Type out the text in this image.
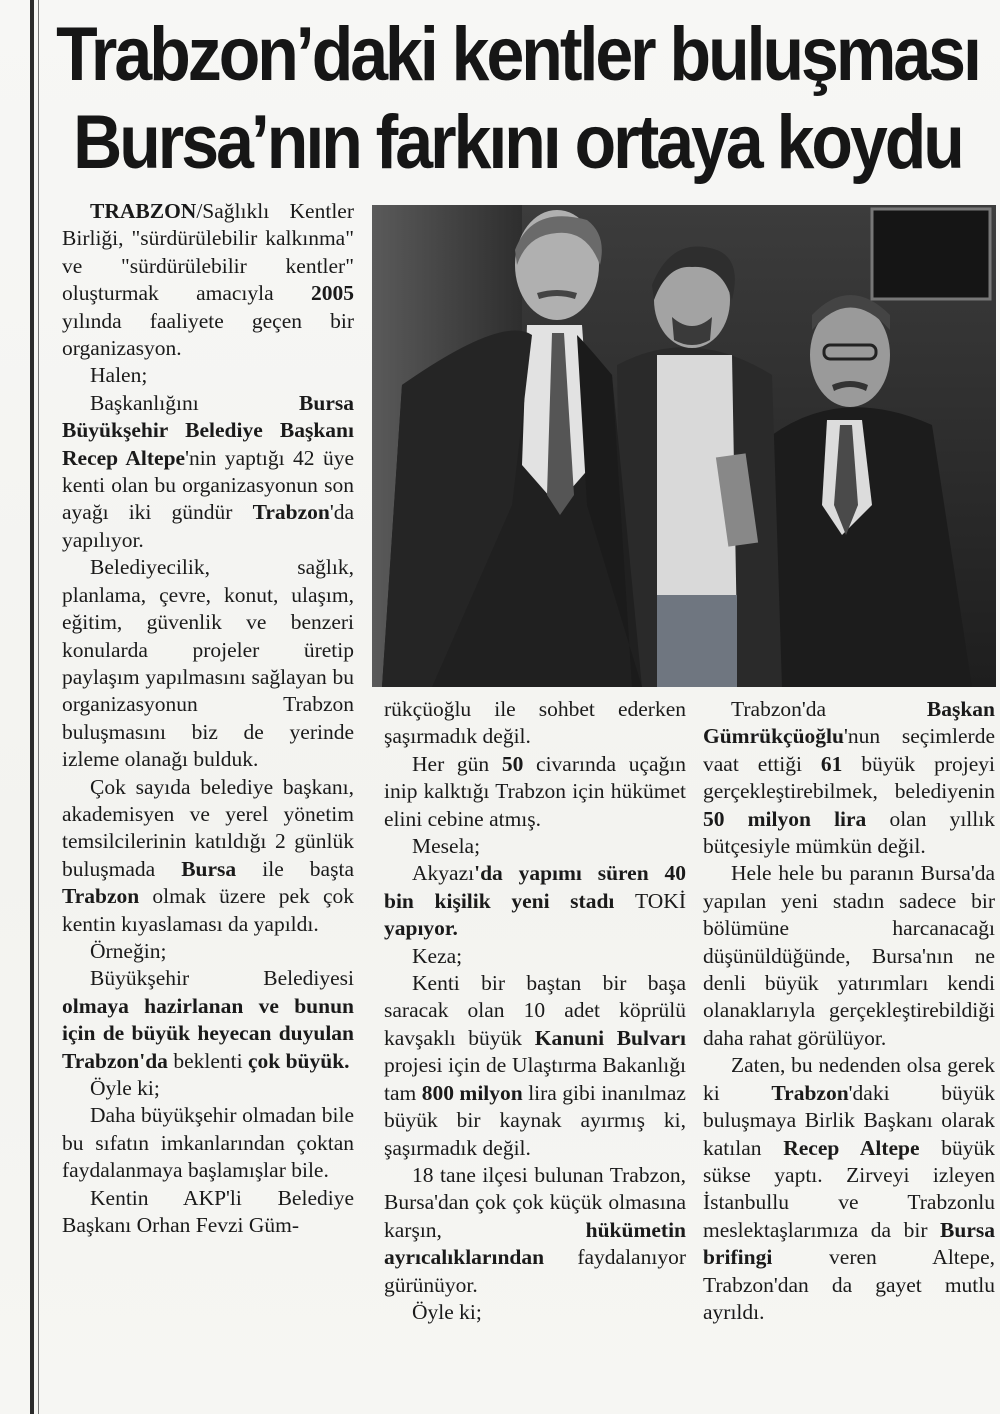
Trabzon’daki kentler buluşması
Bursa’nın farkını ortaya koydu

TRABZON/Sağlıklı Kentler Birliği, "sürdürülebilir kalkınma" ve "sürdürülebilir kentler" oluşturmak amacıyla 2005 yılında faaliyete geçen bir organizasyon.

Halen;

Başkanlığını Bursa Büyükşehir Belediye Başkanı Recep Altepe'nin yaptığı 42 üye kenti olan bu organizasyonun son ayağı iki gündür Trabzon'da yapılıyor.

Belediyecilik, sağlık, planlama, çevre, konut, ulaşım, eğitim, güvenlik ve benzeri konularda projeler üretip paylaşım yapılmasını sağlayan bu organizasyonun Trabzon buluşmasını biz de yerinde izleme olanağı bulduk.

Çok sayıda belediye başkanı, akademisyen ve yerel yönetim temsilcilerinin katıldığı 2 günlük buluşmada Bursa ile başta Trabzon olmak üzere pek çok kentin kıyaslaması da yapıldı.

Örneğin;

Büyükşehir Belediyesi olmaya hazirlanan ve bunun için de büyük heyecan duyulan Trabzon'da beklenti çok büyük.

Öyle ki;

Daha büyükşehir olmadan bile bu sıfatın imkanlarından çoktan faydalanmaya başlamışlar bile.

Kentin AKP'li Belediye Başkanı Orhan Fevzi Güm-

rükçüoğlu ile sohbet ederken şaşırmadık değil.

Her gün 50 civarında uçağın inip kalktığı Trabzon için hükümet elini cebine atmış.

Mesela;

Akyazı'da yapımı süren 40 bin kişilik yeni stadı TOKİ yapıyor.

Keza;

Kenti bir baştan bir başa saracak olan 10 adet köprülü kavşaklı büyük Kanuni Bulvarı projesi için de Ulaştırma Bakanlığı tam 800 milyon lira gibi inanılmaz büyük bir kaynak ayırmış ki, şaşırmadık değil.

18 tane ilçesi bulunan Trabzon, Bursa'dan çok çok küçük olmasına karşın, hükümetin ayrıcalıklarından faydalanıyor gürünüyor.

Öyle ki;

Trabzon'da Başkan Gümrükçüoğlu'nun seçimlerde vaat ettiği 61 büyük projeyi gerçekleştirebilmek, belediyenin 50 milyon lira olan yıllık bütçesiyle mümkün değil.

Hele hele bu paranın Bursa'da yapılan yeni stadın sadece bir bölümüne harcanacağı düşünüldüğünde, Bursa'nın ne denli büyük yatırımları kendi olanaklarıyla gerçekleştirebildiği daha rahat görülüyor.

Zaten, bu nedenden olsa gerek ki Trabzon'daki büyük buluşmaya Birlik Başkanı olarak katılan Recep Altepe büyük sükse yaptı. Zirveyi izleyen İstanbullu ve Trabzonlu meslektaşlarımıza da bir Bursa brifingi veren Altepe, Trabzon'dan da gayet mutlu ayrıldı.
